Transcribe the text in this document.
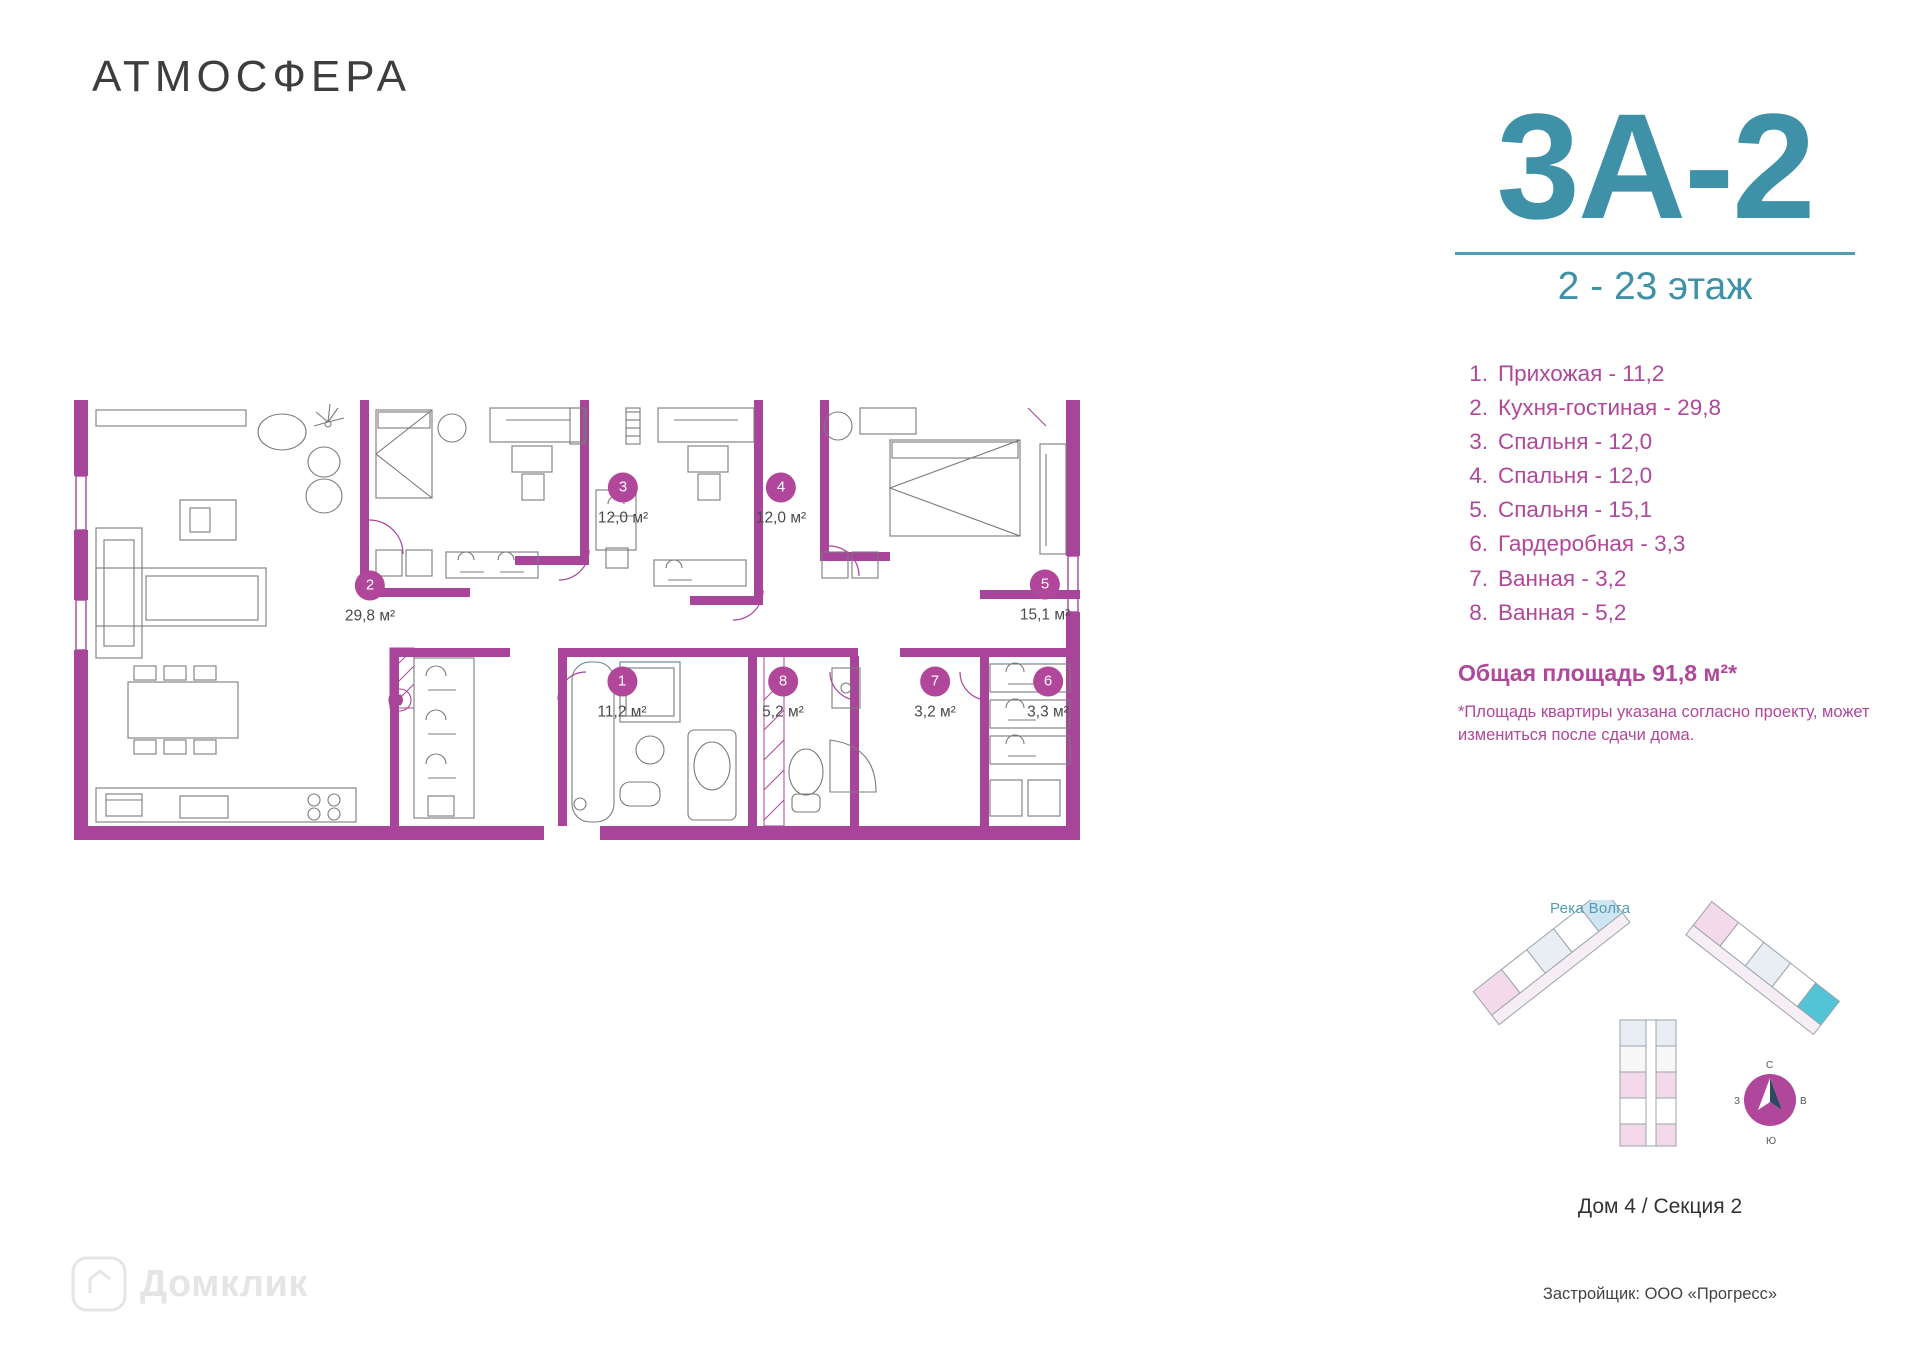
АТМОСФЕРА
2
29,8 м²
3
12,0 м²
4
12,0 м²
5
15,1 м²
1
11,2 м²
8
5,2 м²
7
3,2 м²
6
3,3 м²
3А-2
2 - 23 этаж
1. Прихожая - 11,2
2. Кухня-гостиная - 29,8
3. Спальня - 12,0
4. Спальня - 12,0
5. Спальня - 15,1
6. Гардеробная - 3,3
7. Ванная - 3,2
8. Ванная - 5,2
Общая площадь 91,8 м²*
*Площадь квартиры указана согласно проекту, может измениться после сдачи дома.
Река Волга
С
Ю
В
З
Дом 4 / Секция 2
Застройщик: ООО «Прогресс»
Домклик
